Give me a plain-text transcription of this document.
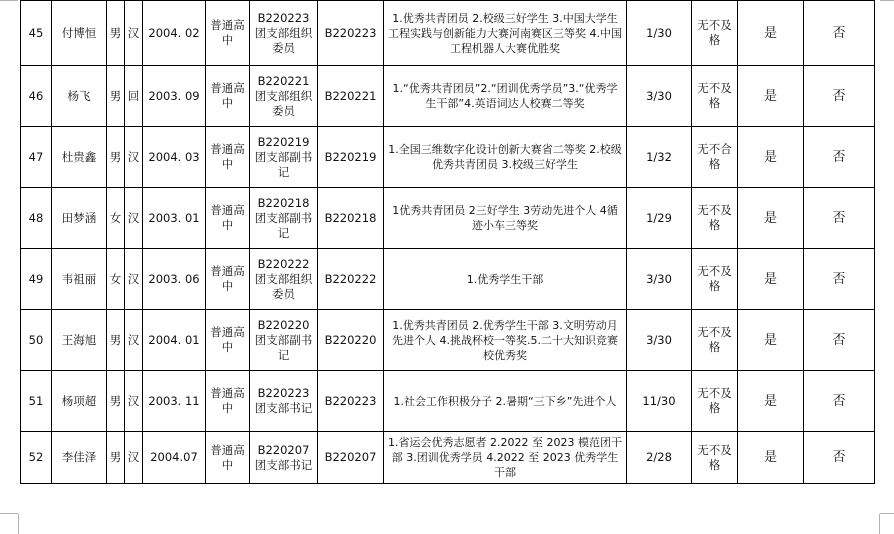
45	付博恒	男	汉	2004. 02	普通高中	B220223 团支部组织委员	B220223	1.优秀共青团员 2.校级三好学生 3.中国大学生工程实践与创新能力大赛河南赛区三等奖 4.中国工程机器人大赛优胜奖	1/30	无不及格	是	否
46	杨飞	男	回	2003. 09	普通高中	B220221 团支部组织委员	B220221	1.“优秀共青团员”2.“团训优秀学员”3.“优秀学生干部”4.英语词达人校赛二等奖	3/30	无不及格	是	否
47	杜贵鑫	男	汉	2004. 03	普通高中	B220219 团支部副书记	B220219	1.全国三维数字化设计创新大赛省二等奖 2.校级优秀共青团员 3.校级三好学生	1/32	无不合格	是	否
48	田梦涵	女	汉	2003. 01	普通高中	B220218 团支部副书记	B220218	1优秀共青团员 2三好学生 3劳动先进个人 4循迹小车三等奖	1/29	无不及格	是	否
49	韦祖丽	女	汉	2003. 06	普通高中	B220222 团支部组织委员	B220222	1.优秀学生干部	3/30	无不及格	是	否
50	王海旭	男	汉	2004. 01	普通高中	B220220 团支部副书记	B220220	1.优秀共青团员 2.优秀学生干部 3.文明劳动月先进个人 4.挑战杯校一等奖.5.二十大知识竞赛校优秀奖	3/30	无不及格	是	否
51	杨项超	男	汉	2003. 11	普通高中	B220223 团支部书记	B220223	1.社会工作积极分子 2.暑期“三下乡”先进个人	11/30	无不及格	是	否
52	李佳泽	男	汉	2004.07	普通高中	B220207 团支部书记	B220207	1.省运会优秀志愿者 2.2022 至 2023 模范团干部 3.团训优秀学员 4.2022 至 2023 优秀学生干部	2/28	无不及格	是	否
